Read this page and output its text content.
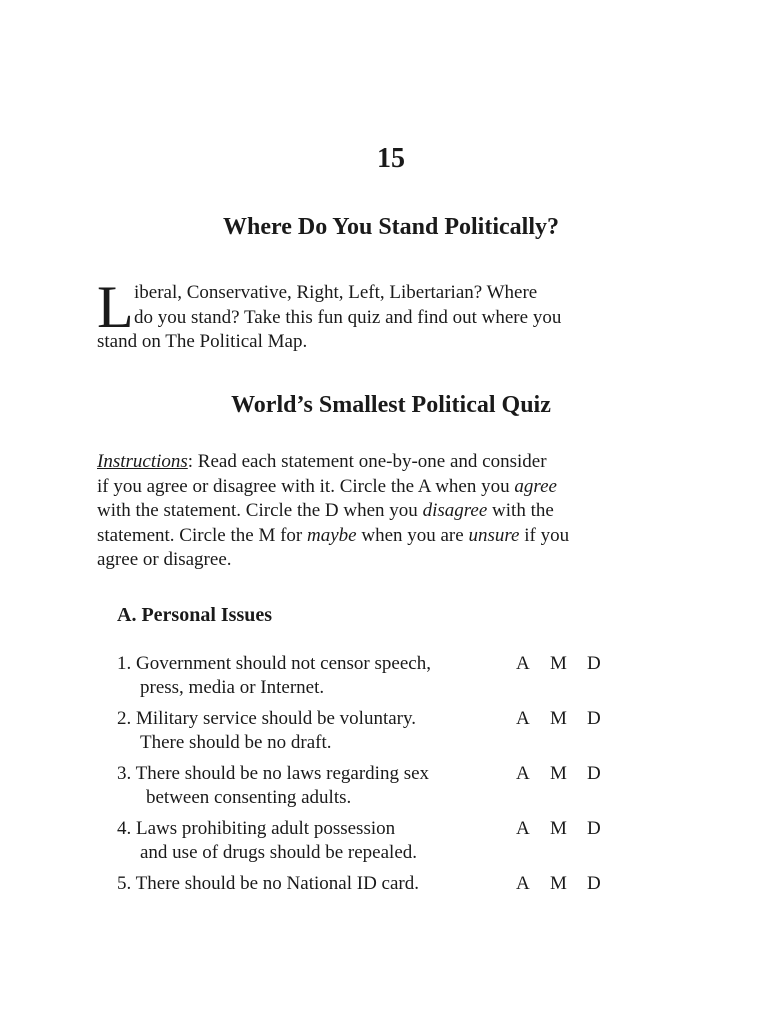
15
Where Do You Stand Politically?
L iberal, Conservative, Right, Left, Libertarian? Where
do you stand? Take this fun quiz and find out where you
stand on The Political Map.
World’s Smallest Political Quiz
Instructions: Read each statement one-by-one and consider
if you agree or disagree with it. Circle the A when you agree
with the statement. Circle the D when you disagree with the
statement. Circle the M for maybe when you are unsure if you
agree or disagree.
A. Personal Issues
1. Government should not censor speech,
press, media or Internet.
A M D
2. Military service should be voluntary.
There should be no draft.
A M D
3. There should be no laws regarding sex
between consenting adults.
A M D
4. Laws prohibiting adult possession
and use of drugs should be repealed.
A M D
5. There should be no National ID card.	A M D
